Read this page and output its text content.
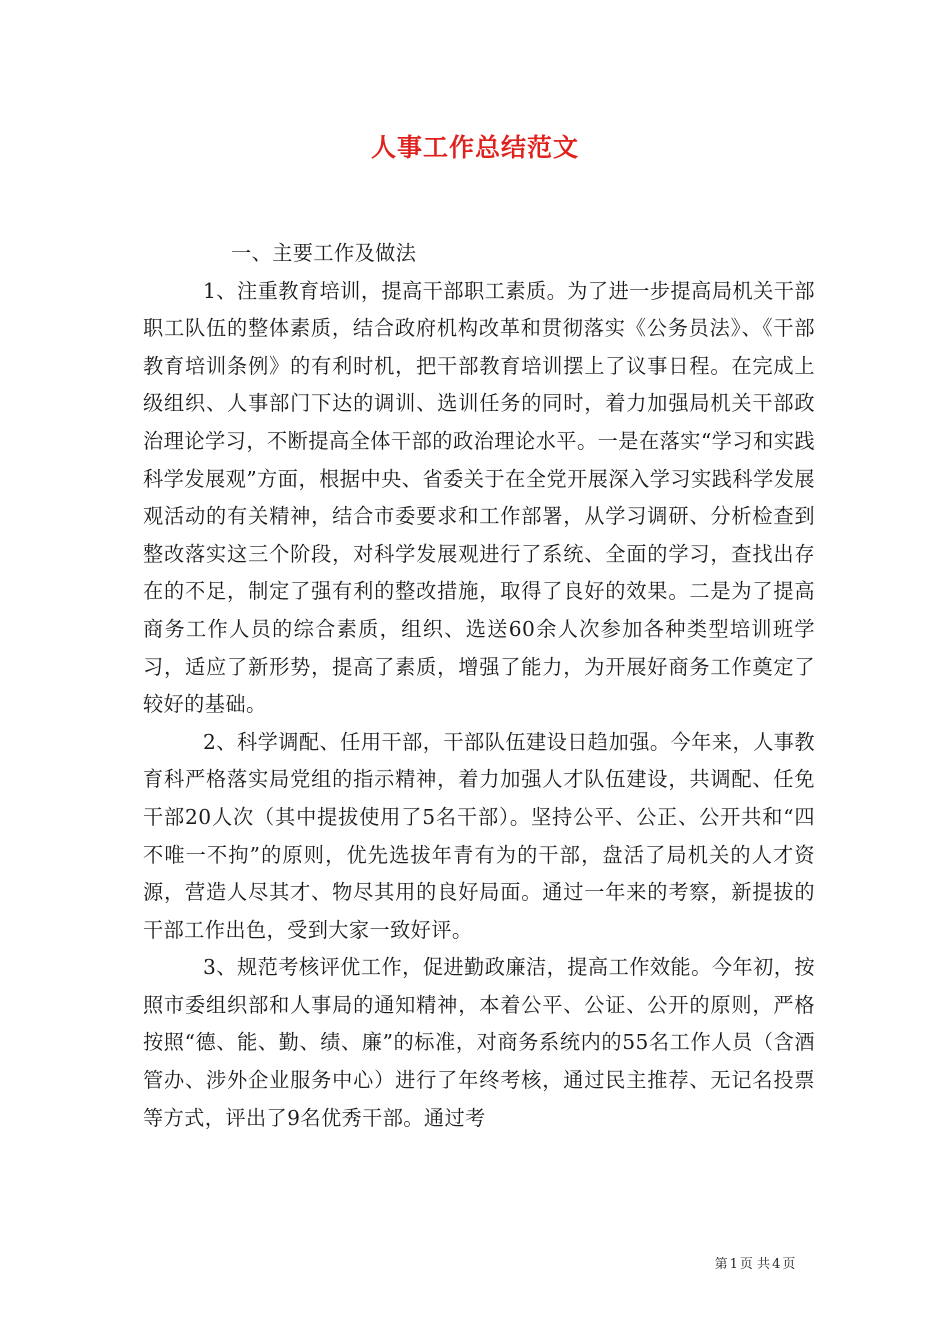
人事工作总结范文

一、主要工作及做法

1、注重教育培训，提高干部职工素质。为了进一步提高局机关干部职工队伍的整体素质，结合政府机构改革和贯彻落实《公务员法》、《干部教育培训条例》的有利时机，把干部教育培训摆上了议事日程。在完成上级组织、人事部门下达的调训、选训任务的同时，着力加强局机关干部政治理论学习，不断提高全体干部的政治理论水平。一是在落实“学习和实践科学发展观”方面，根据中央、省委关于在全党开展深入学习实践科学发展观活动的有关精神，结合市委要求和工作部署，从学习调研、分析检查到整改落实这三个阶段，对科学发展观进行了系统、全面的学习，查找出存在的不足，制定了强有利的整改措施，取得了良好的效果。二是为了提高商务工作人员的综合素质，组织、选送60余人次参加各种类型培训班学习，适应了新形势，提高了素质，增强了能力，为开展好商务工作奠定了较好的基础。

2、科学调配、任用干部，干部队伍建设日趋加强。今年来，人事教育科严格落实局党组的指示精神，着力加强人才队伍建设，共调配、任免干部20人次（其中提拔使用了5名干部）。坚持公平、公正、公开共和“四不唯一不拘”的原则，优先选拔年青有为的干部，盘活了局机关的人才资源，营造人尽其才、物尽其用的良好局面。通过一年来的考察，新提拔的干部工作出色，受到大家一致好评。

3、规范考核评优工作，促进勤政廉洁，提高工作效能。今年初，按照市委组织部和人事局的通知精神，本着公平、公证、公开的原则，严格按照“德、能、勤、绩、廉”的标准，对商务系统内的55名工作人员（含酒管办、涉外企业服务中心）进行了年终考核，通过民主推荐、无记名投票等方式，评出了9名优秀干部。通过考

第 1 页 共 4 页
